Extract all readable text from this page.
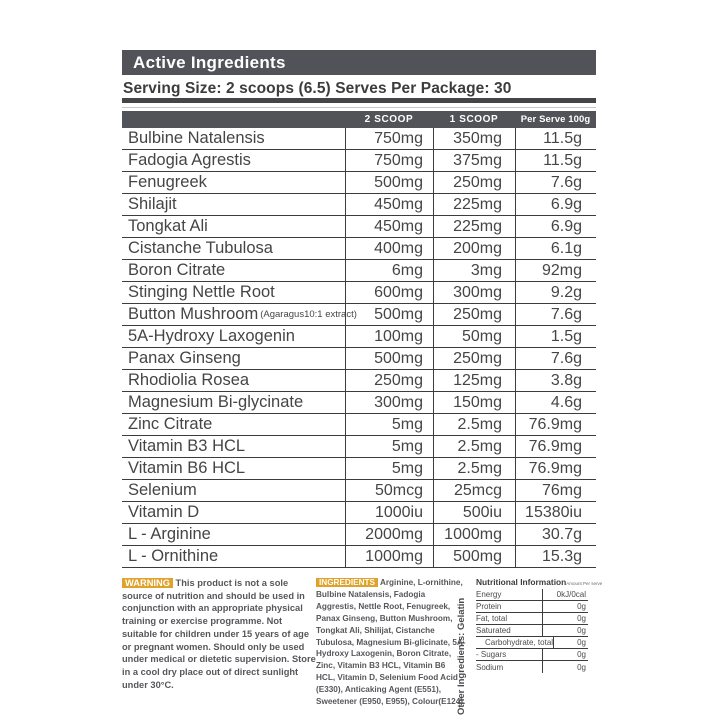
Active Ingredients
Serving Size: 2 scoops (6.5) Serves Per Package: 30
2 SCOOP	1 SCOOP	Per Serve 100g
Bulbine Natalensis	750mg	350mg	11.5g
Fadogia Agrestis	750mg	375mg	11.5g
Fenugreek	500mg	250mg	7.6g
Shilajit	450mg	225mg	6.9g
Tongkat Ali	450mg	225mg	6.9g
Cistanche Tubulosa	400mg	200mg	6.1g
Boron Citrate	6mg	3mg	92mg
Stinging Nettle Root	600mg	300mg	9.2g
Button Mushroom (Agaragus10:1 extract)	500mg	250mg	7.6g
5A-Hydroxy Laxogenin	100mg	50mg	1.5g
Panax Ginseng	500mg	250mg	7.6g
Rhodiolia Rosea	250mg	125mg	3.8g
Magnesium Bi-glycinate	300mg	150mg	4.6g
Zinc Citrate	5mg	2.5mg	76.9mg
Vitamin B3 HCL	5mg	2.5mg	76.9mg
Vitamin B6 HCL	5mg	2.5mg	76.9mg
Selenium	50mcg	25mcg	76mg
Vitamin D	1000iu	500iu	15380iu
L - Arginine	2000mg	1000mg	30.7g
L - Ornithine	1000mg	500mg	15.3g
WARNING This product is not a sole source of nutrition and should be used in conjunction with an appropriate physical training or exercise programme. Not suitable for children under 15 years of age or pregnant women. Should only be used under medical or dietetic supervision. Store in a cool dry place out of direct sunlight under 30°C.
INGREDIENTS Arginine, L-ornithine, Bulbine Natalensis, Fadogia Aggrestis, Nettle Root, Fenugreek, Panax Ginseng, Button Mushroom, Tongkat Ali, Shilijat, Cistanche Tubulosa, Magnesium Bi-glicinate, 5A-Hydroxy Laxogenin, Boron Citrate, Zinc, Vitamin B3 HCL, Vitamin B6 HCL, Vitamin D, Selenium Food Acid (E330), Anticaking Agent (E551), Sweetener (E950, E955), Colour(E124).
Other Ingredients: Gelatin
Nutritional Information Amount Per serve
Energy	0kJ/0cal
Protein	0g
Fat, total	0g
Saturated	0g
Carbohydrate, total	0g
- Sugars	0g
Sodium	0g
